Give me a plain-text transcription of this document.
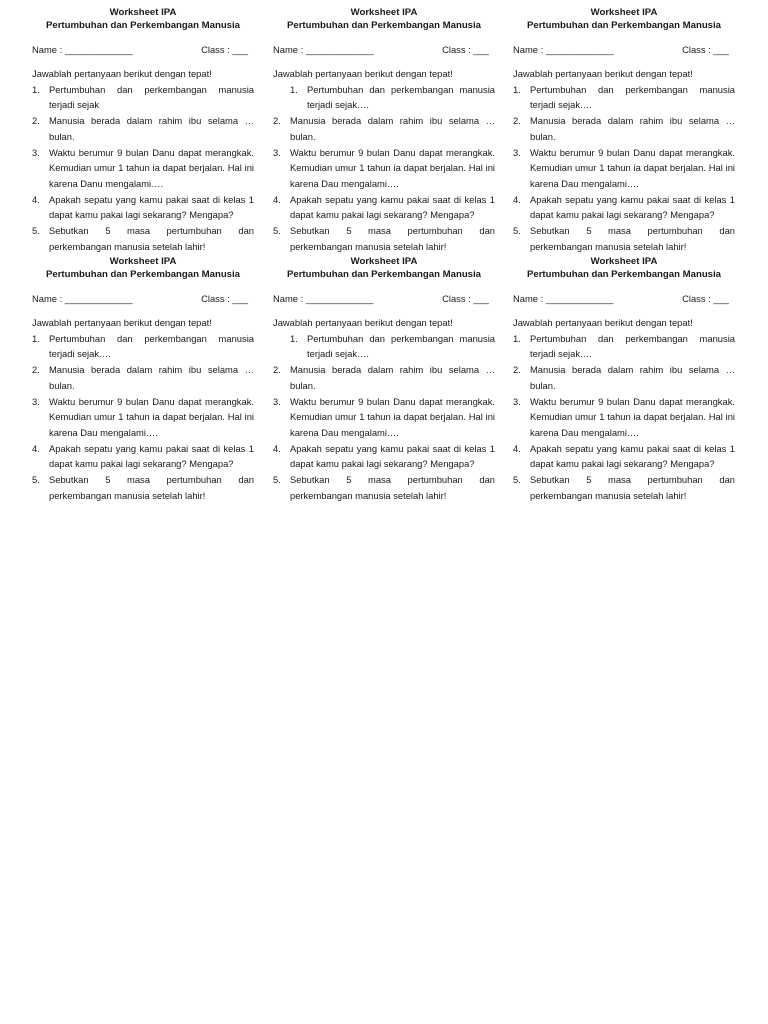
Worksheet IPA
Pertumbuhan dan Perkembangan Manusia
Name : _____________	Class : ___
Jawablah pertanyaan berikut dengan tepat!
1. Pertumbuhan dan perkembangan manusia terjadi sejak
2. Manusia berada dalam rahim ibu selama … bulan.
3. Waktu berumur 9 bulan Danu dapat merangkak. Kemudian umur 1 tahun ia dapat berjalan. Hal ini karena Danu mengalami….
4. Apakah sepatu yang kamu pakai saat di kelas 1 dapat kamu pakai lagi sekarang? Mengapa?
5. Sebutkan 5 masa pertumbuhan dan perkembangan manusia setelah lahir!
Worksheet IPA
Pertumbuhan dan Perkembangan Manusia
Name : _____________	Class : ___
Jawablah pertanyaan berikut dengan tepat!
1. Pertumbuhan dan perkembangan manusia terjadi sejak….
2. Manusia berada dalam rahim ibu selama … bulan.
3. Waktu berumur 9 bulan Danu dapat merangkak. Kemudian umur 1 tahun ia dapat berjalan. Hal ini karena Dau mengalami….
4. Apakah sepatu yang kamu pakai saat di kelas 1 dapat kamu pakai lagi sekarang? Mengapa?
5. Sebutkan 5 masa pertumbuhan dan perkembangan manusia setelah lahir!
Worksheet IPA
Pertumbuhan dan Perkembangan Manusia
Name : _____________	Class : ___
Jawablah pertanyaan berikut dengan tepat!
1. Pertumbuhan dan perkembangan manusia terjadi sejak….
2. Manusia berada dalam rahim ibu selama … bulan.
3. Waktu berumur 9 bulan Danu dapat merangkak. Kemudian umur 1 tahun ia dapat berjalan. Hal ini karena Dau mengalami….
4. Apakah sepatu yang kamu pakai saat di kelas 1 dapat kamu pakai lagi sekarang? Mengapa?
5. Sebutkan 5 masa pertumbuhan dan perkembangan manusia setelah lahir!
Worksheet IPA
Pertumbuhan dan Perkembangan Manusia
Name : _____________	Class : ___
Jawablah pertanyaan berikut dengan tepat!
1. Pertumbuhan dan perkembangan manusia terjadi sejak….
2. Manusia berada dalam rahim ibu selama … bulan.
3. Waktu berumur 9 bulan Danu dapat merangkak. Kemudian umur 1 tahun ia dapat berjalan. Hal ini karena Dau mengalami….
4. Apakah sepatu yang kamu pakai saat di kelas 1 dapat kamu pakai lagi sekarang? Mengapa?
5. Sebutkan 5 masa pertumbuhan dan perkembangan manusia setelah lahir!
Worksheet IPA
Pertumbuhan dan Perkembangan Manusia
Name : _____________	Class : ___
Jawablah pertanyaan berikut dengan tepat!
1. Pertumbuhan dan perkembangan manusia terjadi sejak….
2. Manusia berada dalam rahim ibu selama … bulan.
3. Waktu berumur 9 bulan Danu dapat merangkak. Kemudian umur 1 tahun ia dapat berjalan. Hal ini karena Dau mengalami….
4. Apakah sepatu yang kamu pakai saat di kelas 1 dapat kamu pakai lagi sekarang? Mengapa?
5. Sebutkan 5 masa pertumbuhan dan perkembangan manusia setelah lahir!
Worksheet IPA
Pertumbuhan dan Perkembangan Manusia
Name : _____________	Class : ___
Jawablah pertanyaan berikut dengan tepat!
1. Pertumbuhan dan perkembangan manusia terjadi sejak….
2. Manusia berada dalam rahim ibu selama … bulan.
3. Waktu berumur 9 bulan Danu dapat merangkak. Kemudian umur 1 tahun ia dapat berjalan. Hal ini karena Dau mengalami….
4. Apakah sepatu yang kamu pakai saat di kelas 1 dapat kamu pakai lagi sekarang? Mengapa?
5. Sebutkan 5 masa pertumbuhan dan perkembangan manusia setelah lahir!
